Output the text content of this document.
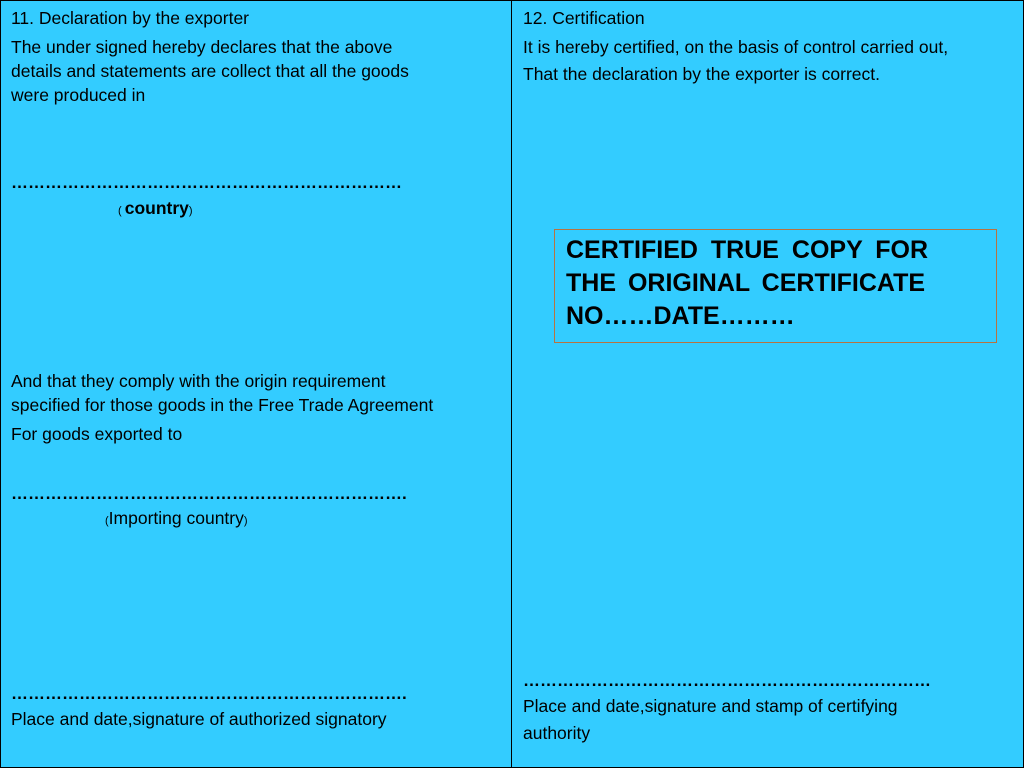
11. Declaration by the exporter
The under signed hereby declares that the above
details and statements are collect that all the goods
were produced in
……………………………………………………………
( country)
And that they comply with the origin requirement
specified for those goods in the Free Trade Agreement
For goods exported to
…………………………………………………………….
(Importing country)
…………………………………………………………….
Place and date,signature of authorized signatory
12. Certification
It is hereby certified, on the basis of control carried out,
That the declaration by the exporter is correct.
CERTIFIED TRUE COPY FOR
THE ORIGINAL CERTIFICATE
NO……DATE………
………………………………………………………………
Place and date,signature and stamp of certifying
authority
